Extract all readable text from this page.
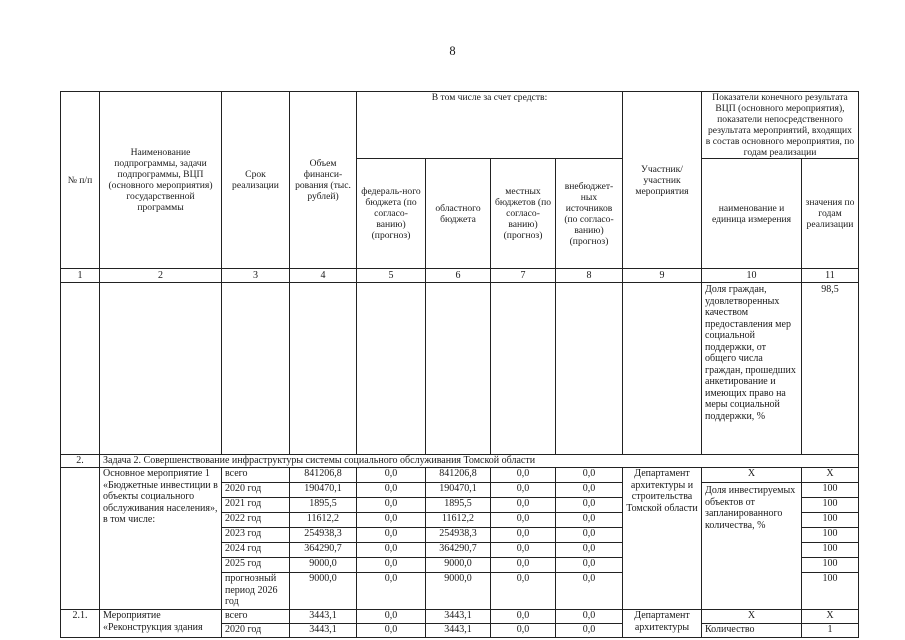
8
№ п/п	Наименование подпрограммы, задачи подпрограммы, ВЦП (основного мероприятия) государственной программы	Срок реализации	Объем финанси-рования (тыс. рублей)	В том числе за счет средств:				Участник/ участник мероприятия	Показатели конечного результата ВЦП (основного мероприятия), показатели непосредственного результата мероприятий, входящих в состав основного мероприятия, по годам реализации	
				федераль-ного бюджета (по согласо-ванию) (прогноз)	областного бюджета	местных бюджетов (по согласо-ванию) (прогноз)	внебюджет-ных источников (по согласо-ванию) (прогноз)		наименование и единица измерения	значения по годам реализации
1	2	3	4	5	6	7	8	9	10	11
									Доля граждан, удовлетворенных качеством предоставления мер социальной поддержки, от общего числа граждан, прошедших анкетирование и имеющих право на меры социальной поддержки, %	98,5
2.	Задача 2. Совершенствование инфраструктуры системы социального обслуживания Томской области									
	Основное мероприятие 1 «Бюджетные инвестиции в объекты социального обслуживания населения», в том числе:	всего	841206,8	0,0	841206,8	0,0	0,0	Департамент архитектуры и строительства Томской области	X	X
		2020 год	190470,1	0,0	190470,1	0,0	0,0		Доля инвестируемых объектов от запланированного количества, %	100
		2021 год	1895,5	0,0	1895,5	0,0	0,0			100
		2022 год	11612,2	0,0	11612,2	0,0	0,0			100
		2023 год	254938,3	0,0	254938,3	0,0	0,0			100
		2024 год	364290,7	0,0	364290,7	0,0	0,0			100
		2025 год	9000,0	0,0	9000,0	0,0	0,0			100
		прогнозный период 2026 год	9000,0	0,0	9000,0	0,0	0,0			100
2.1.	Мероприятие «Реконструкция здания	всего	3443,1	0,0	3443,1	0,0	0,0	Департамент архитектуры	X	X
		2020 год	3443,1	0,0	3443,1	0,0	0,0		Количество	1
